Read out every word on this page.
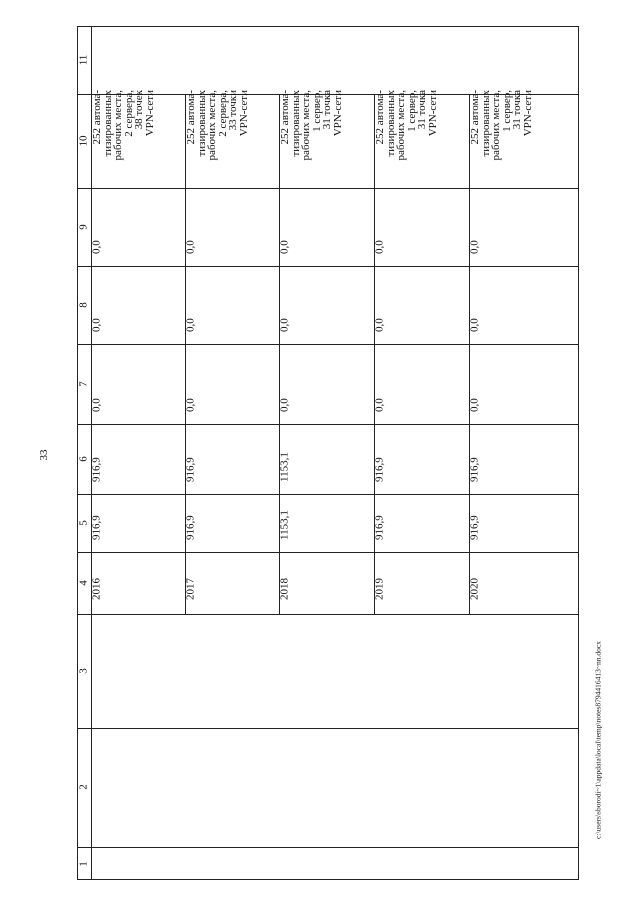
33
11
10
9
8
7
6
5
4
3
2
1
2016
916,9
916,9
0,0
0,0
0,0
252 автома-
тизированных
рабочих места,
2 сервера,
38 точек
VPN-сети
2017
916,9
916,9
0,0
0,0
0,0
252 автома-
тизированных
рабочих места,
2 сервера,
33 точки
VPN-сети
2018
1153,1
1153,1
0,0
0,0
0,0
252 автома-
тизированных
рабочих места,
1 сервер,
31 точка
VPN-сети
2019
916,9
916,9
0,0
0,0
0,0
252 автома-
тизированных
рабочих места,
1 сервер,
31 точка
VPN-сети
2020
916,9
916,9
0,0
0,0
0,0
252 автома-
тизированных
рабочих места,
1 сервер,
31 точка
VPN-сети
c:\users\sborodi~1\appdata\local\temp\notes8794416413~nn.docx
